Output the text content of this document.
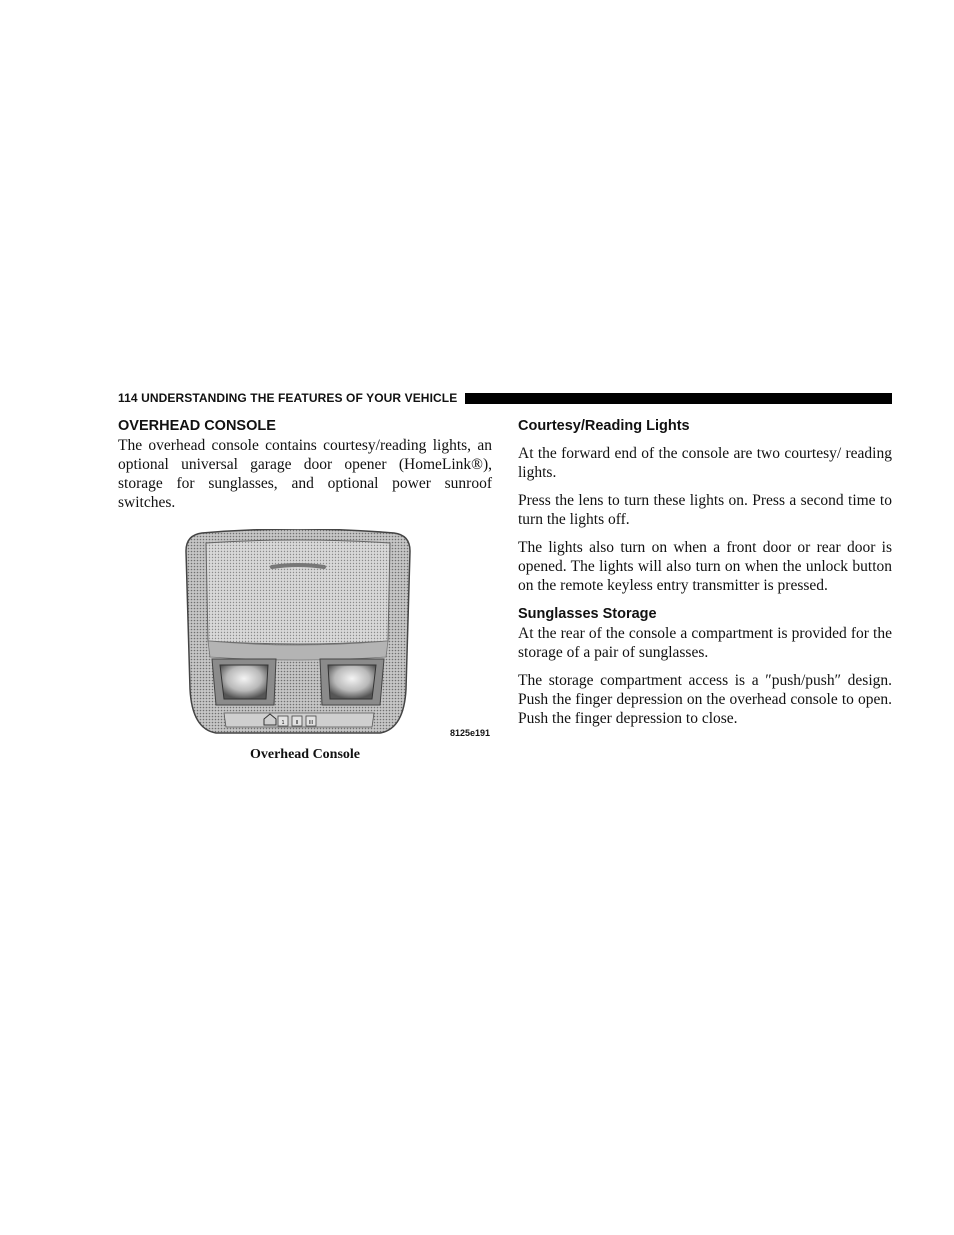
114 UNDERSTANDING THE FEATURES OF YOUR VEHICLE
OVERHEAD CONSOLE

The overhead console contains courtesy/reading lights, an optional universal garage door opener (HomeLink®), storage for sunglasses, and optional power sunroof switches.

1 II III
8125e191
Overhead Console
Courtesy/Reading Lights

At the forward end of the console are two courtesy/ reading lights.

Press the lens to turn these lights on. Press a second time to turn the lights off.

The lights also turn on when a front door or rear door is opened. The lights will also turn on when the unlock button on the remote keyless entry transmitter is pressed.

Sunglasses Storage

At the rear of the console a compartment is provided for the storage of a pair of sunglasses.

The storage compartment access is a ″push/push″ design. Push the finger depression on the overhead console to open. Push the finger depression to close.
